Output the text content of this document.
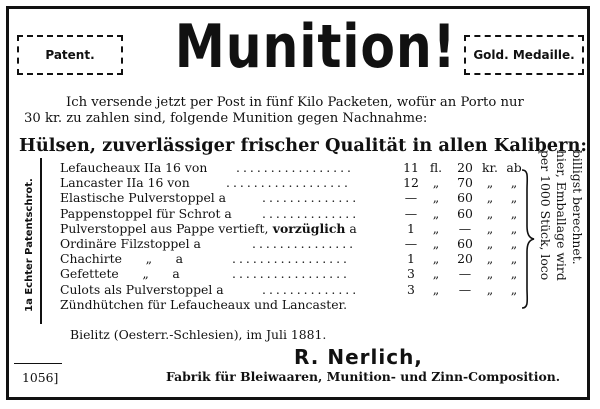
Patent. Munition! Gold. Medaille.
Ich versende jetzt per Post in fünf Kilo Packeten, wofür an Porto nur
30 kr. zu zahlen sind, folgende Munition gegen Nachnahme:
Hülsen, zuverlässiger frischer Qualität in allen Kalibern:
1a Echter Patentschrot.
Lefaucheaux IIa 16 von .................	11 fl.	20 kr. ab
Lancaster IIa 16 von	..................	12	„	70	„	„
Elastische Pulverstoppel a	..............	—	„	60	„	„
Pappenstoppel für Schrot a ..............	—	„	60	„	„
Pulverstoppel aus Pappe vertieft, vorzüglich a	1	„	—	„	„
Ordinäre Filzstoppel a	...............	—	„	60	„	„
Chachirte      „      a	.................	1	„	20	„	„
Gefettete      „      a	.................	3	„	—	„	„
Culots als Pulverstoppel a	..............	3	„	—	„	„
Zündhütchen für Lefaucheaux und Lancaster.
per 1000 Stück, loco hier, Emballage wird billigst berechnet.
Bielitz (Oesterr.-Schlesien), im Juli 1881.
R. Nerlich,
1056]	Fabrik für Bleiwaaren, Munition- und Zinn-Composition.
